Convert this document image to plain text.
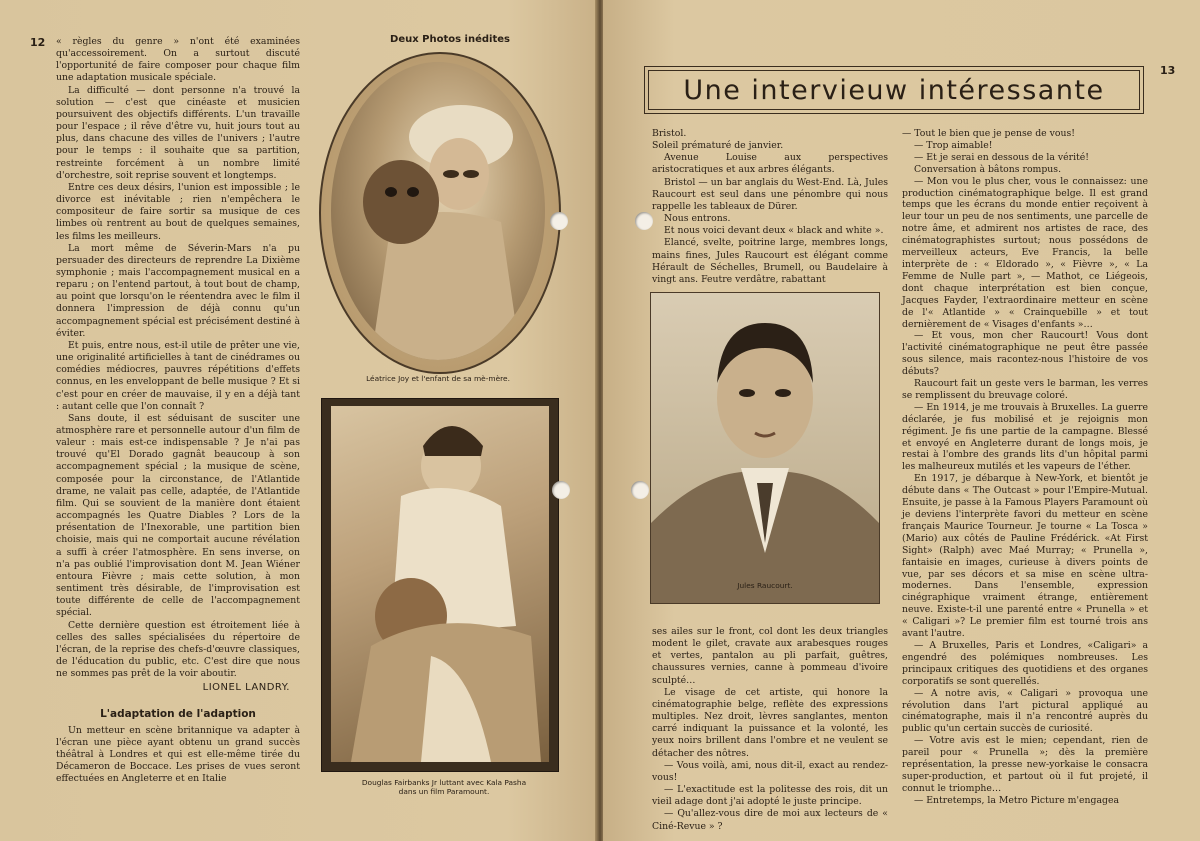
12 « règles du genre » n'ont été examinées qu'accessoirement. On a surtout discuté l'opportunité de faire composer pour chaque film une adaptation musicale spéciale.

La difficulté — dont personne n'a trouvé la solution — c'est que cinéaste et musicien poursuivent des objectifs différents. L'un travaille pour l'espace ; il rêve d'être vu, huit jours tout au plus, dans chacune des villes de l'univers ; l'autre pour le temps : il souhaite que sa partition, restreinte forcément à un nombre limité d'orchestre, soit reprise souvent et longtemps.

Entre ces deux désirs, l'union est impossible ; le divorce est inévitable ; rien n'empêchera le compositeur de faire sortir sa musique de ces limbes où rentrent au bout de quelques semaines, les films les meilleurs.

La mort même de Séverin-Mars n'a pu persuader des directeurs de reprendre La Dixième symphonie ; mais l'accompagnement musical en a reparu ; on l'entend partout, à tout bout de champ, au point que lorsqu'on le réentendra avec le film il donnera l'impression de déjà connu qu'un accompagnement spécial est précisément destiné à éviter.

Et puis, entre nous, est-il utile de prêter une vie, une originalité artificielles à tant de cinédrames ou comédies médiocres, pauvres répétitions d'effets connus, en les enveloppant de belle musique ? Et si c'est pour en créer de mauvaise, il y en a déjà tant : autant celle que l'on connaît ?

Sans doute, il est séduisant de susciter une atmosphère rare et personnelle autour d'un film de valeur : mais est-ce indispensable ? Je n'ai pas trouvé qu'El Dorado gagnât beaucoup à son accompagnement spécial ; la musique de scène, composée pour la circonstance, de l'Atlantide drame, ne valait pas celle, adaptée, de l'Atlantide film. Qui se souvient de la manière dont étaient accompagnés les Quatre Diables ? Lors de la présentation de l'Inexorable, une partition bien choisie, mais qui ne comportait aucune révélation a suffi à créer l'atmosphère. En sens inverse, on n'a pas oublié l'improvisation dont M. Jean Wiéner entoura Fièvre ; mais cette solution, à mon sentiment très désirable, de l'improvisation est toute différente de celle de l'accompagnement spécial.

Cette dernière question est étroitement liée à celles des salles spécialisées du répertoire de l'écran, de la reprise des chefs-d'œuvre classiques, de l'éducation du public, etc. C'est dire que nous ne sommes pas prêt de la voir aboutir.

LIONEL LANDRY.

L'adaptation de l'adaption

Un metteur en scène britannique va adapter à l'écran une pièce ayant obtenu un grand succès théâtral à Londres et qui est elle-même tirée du Décameron de Boccace. Les prises de vues seront effectuées en Angleterre et en Italie

Deux Photos inédites
Léatrice Joy et l'enfant de sa mè-mère.
Douglas Fairbanks Jr luttant avec Kala Pasha
dans un film Paramount.
13
Une intervieuw intéressante

Bristol.

Soleil prématuré de janvier.

Avenue Louise aux perspectives aristocratiques et aux arbres élégants.

Bristol — un bar anglais du West-End. Là, Jules Raucourt est seul dans une pénombre qui nous rappelle les tableaux de Dürer.

Nous entrons.

Et nous voici devant deux « black and white ».

Elancé, svelte, poitrine large, membres longs, mains fines, Jules Raucourt est élégant comme Hérault de Séchelles, Brumell, ou Baudelaire à vingt ans. Feutre verdâtre, rabattant

Jules Raucourt.

ses ailes sur le front, col dont les deux triangles modent le gilet, cravate aux arabesques rouges et vertes, pantalon au pli parfait, guêtres, chaussures vernies, canne à pommeau d'ivoire sculpté…

Le visage de cet artiste, qui honore la cinématographie belge, reflète des expressions multiples. Nez droit, lèvres sanglantes, menton carré indiquant la puissance et la volonté, les yeux noirs brillent dans l'ombre et ne veulent se détacher des nôtres.

— Vous voilà, ami, nous dit-il, exact au rendez-vous!

— L'exactitude est la politesse des rois, dit un vieil adage dont j'ai adopté le juste principe.

— Qu'allez-vous dire de moi aux lecteurs de « Ciné-Revue » ?

— Tout le bien que je pense de vous!

— Trop aimable!

— Et je serai en dessous de la vérité!

Conversation à bâtons rompus.

— Mon vou le plus cher, vous le connaissez: une production cinématographique belge. Il est grand temps que les écrans du monde entier reçoivent à leur tour un peu de nos sentiments, une parcelle de notre âme, et admirent nos artistes de race, des cinématographistes surtout; nous possédons de merveilleux acteurs, Eve Francis, la belle interprète de : « Eldorado », « Fièvre », « La Femme de Nulle part », — Mathot, ce Liégeois, dont chaque interprétation est bien conçue, Jacques Fayder, l'extraordinaire metteur en scène de l'« Atlantide » « Crainquebille » et tout dernièrement de « Visages d'enfants »…

— Et vous, mon cher Raucourt! Vous dont l'activité cinématographique ne peut être passée sous silence, mais racontez-nous l'histoire de vos débuts?

Raucourt fait un geste vers le barman, les verres se remplissent du breuvage coloré.

— En 1914, je me trouvais à Bruxelles. La guerre déclarée, je fus mobilisé et je rejoignis mon régiment. Je fis une partie de la campagne. Blessé et envoyé en Angleterre durant de longs mois, je restai à l'ombre des grands lits d'un hôpital parmi les malheureux mutilés et les vapeurs de l'éther.

En 1917, je débarque à New-York, et bientôt je débute dans « The Outcast » pour l'Empire-Mutual. Ensuite, je passe à la Famous Players Paramount où je deviens l'interprète favori du metteur en scène français Maurice Tourneur. Je tourne « La Tosca » (Mario) aux côtés de Pauline Frédérick. «At First Sight» (Ralph) avec Maé Murray; « Prunella », fantaisie en images, curieuse à divers points de vue, par ses décors et sa mise en scène ultra-modernes. Dans l'ensemble, expression cinégraphique vraiment étrange, entièrement neuve. Existe-t-il une parenté entre « Prunella » et « Caligari »? Le premier film est tourné trois ans avant l'autre.

— A Bruxelles, Paris et Londres, «Caligari» a engendré des polémiques nombreuses. Les principaux critiques des quotidiens et des organes corporatifs se sont querellés.

— A notre avis, « Caligari » provoqua une révolution dans l'art pictural appliqué au cinématographe, mais il n'a rencontré auprès du public qu'un certain succès de curiosité.

— Votre avis est le mien; cependant, rien de pareil pour « Prunella »; dès la première représentation, la presse new-yorkaise le consacra super-production, et partout où il fut projeté, il connut le triomphe…

— Entretemps, la Metro Picture m'engagea
